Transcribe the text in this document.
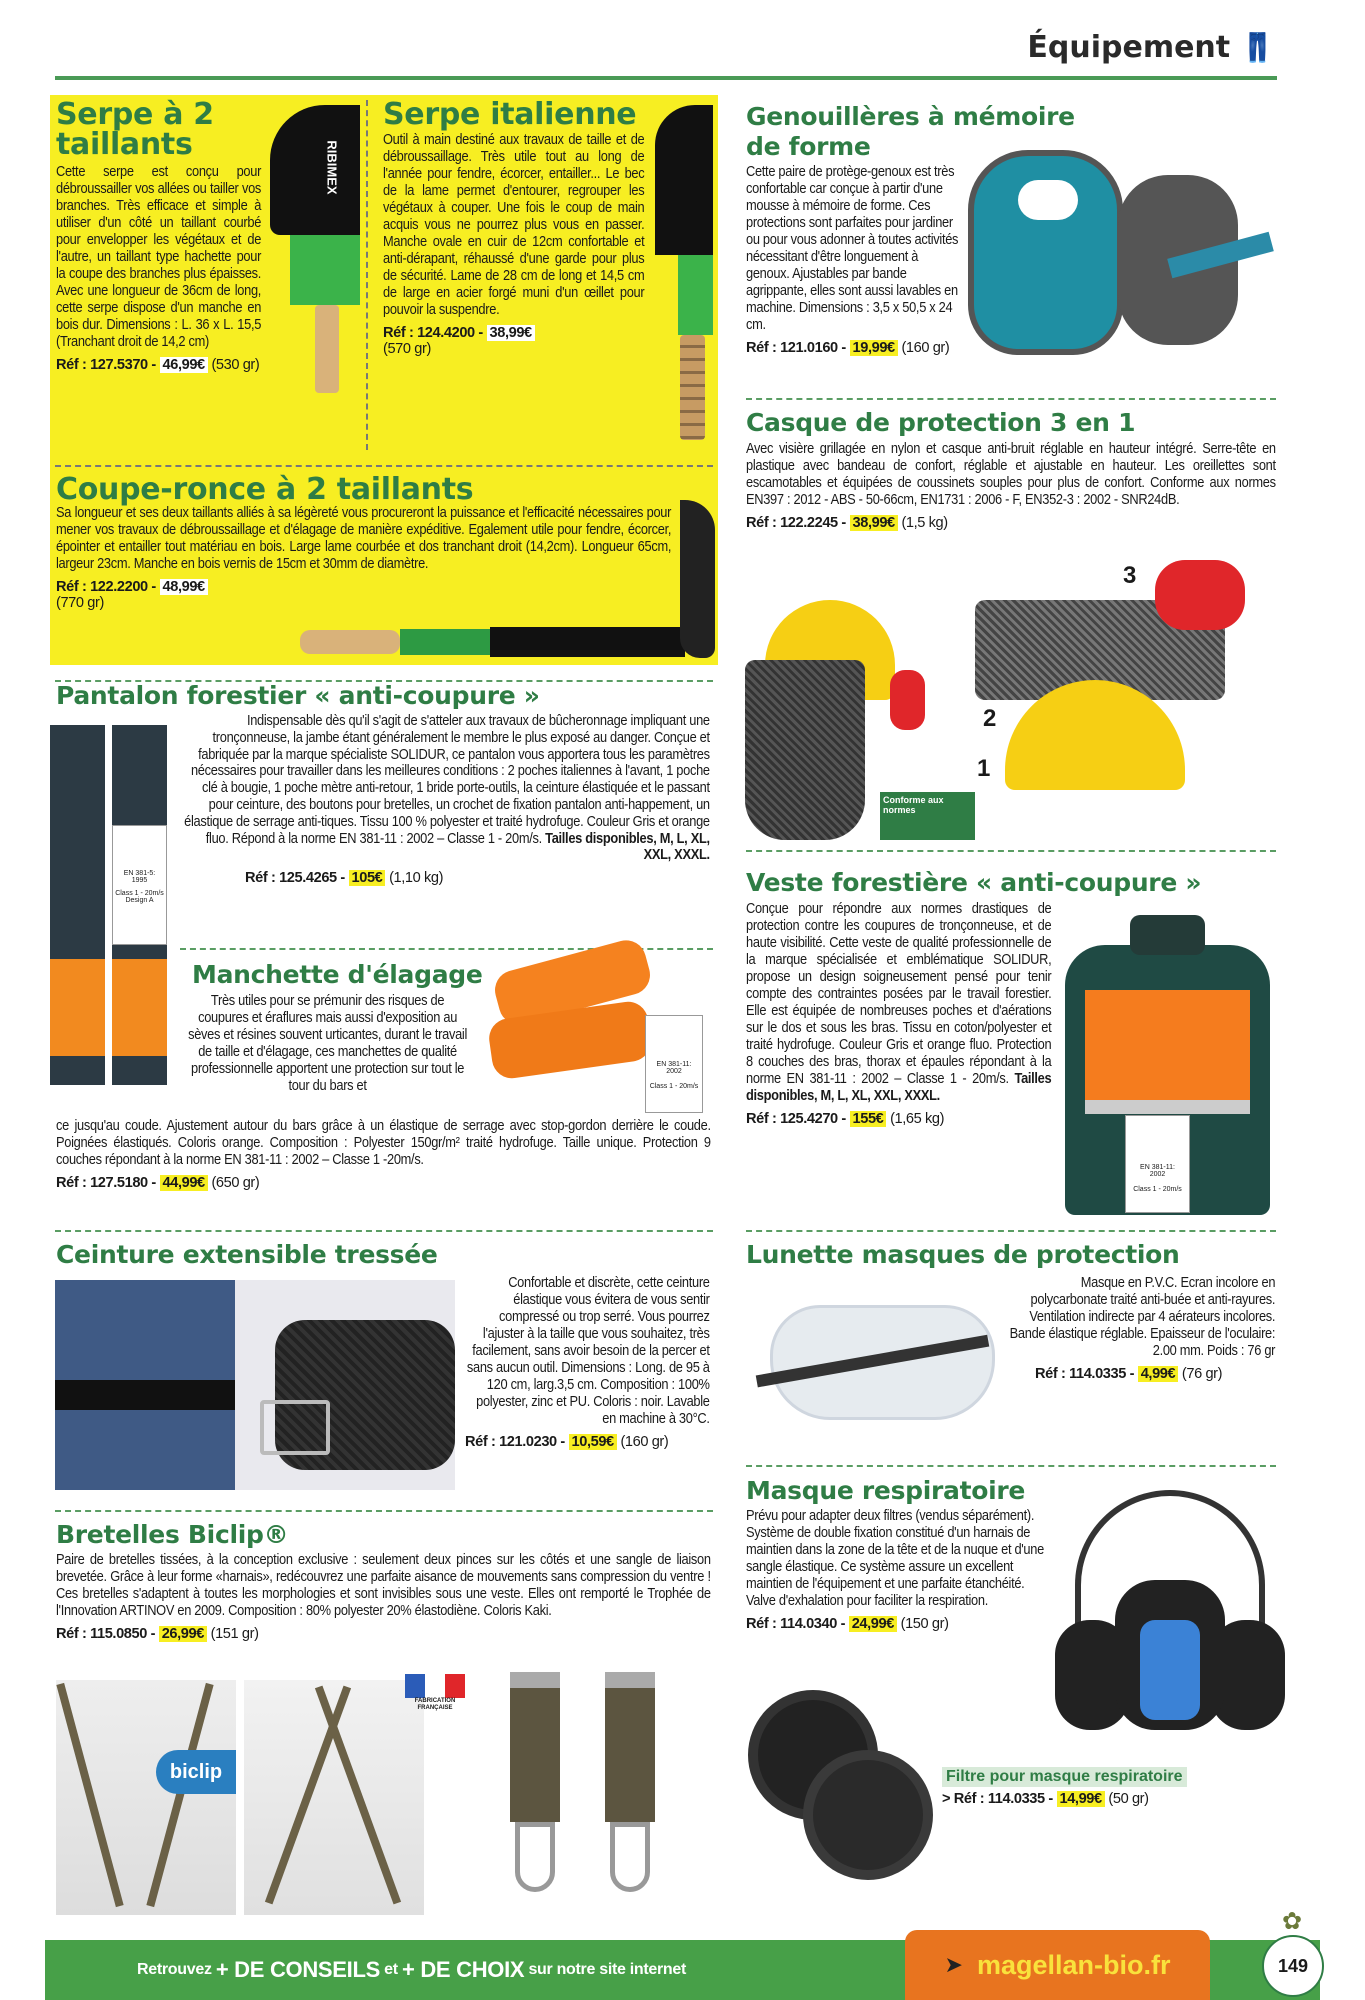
Équipement 👖
Serpe à 2
taillants
Cette serpe est conçu pour débroussailler vos allées ou tailler vos branches. Très efficace et simple à utiliser d'un côté un taillant courbé pour envelopper les végétaux et de l'autre, un taillant type hachette pour la coupe des branches plus épaisses. Avec une longueur de 36cm de long, cette serpe dispose d'un manche en bois dur. Dimensions : L. 36 x L. 15,5 (Tranchant droit de 14,2 cm)
Réf : 127.5370 - 46,99€ (530 gr)
RIBIMEX
Serpe italienne
Outil à main destiné aux travaux de taille et de débroussaillage. Très utile tout au long de l'année pour fendre, écorcer, entailler... Le bec de la lame permet d'entourer, regrouper les végétaux à couper. Une fois le coup de main acquis vous ne pourrez plus vous en passer. Manche ovale en cuir de 12cm confortable et anti-dérapant, réhaussé d'une garde pour plus de sécurité. Lame de 28 cm de long et 14,5 cm de large en acier forgé muni d'un œillet pour pouvoir la suspendre.
Réf : 124.4200 - 38,99€
(570 gr)
Coupe-ronce à 2 taillants
Sa longueur et ses deux taillants alliés à sa légèreté vous procureront la puissance et l'efficacité nécessaires pour mener vos travaux de débroussaillage et d'élagage de manière expéditive. Egalement utile pour fendre, écorcer, épointer et entailler tout matériau en bois. Large lame courbée et dos tranchant droit (14,2cm). Longueur 65cm, largeur 23cm. Manche en bois vernis de 15cm et 30mm de diamètre.
Réf : 122.2200 - 48,99€
(770 gr)
Pantalon forestier « anti-coupure »
EN 381-5:
1995
Class 1 - 20m/s
Design A
Indispensable dès qu'il s'agit de s'atteler aux travaux de bûcheronnage impliquant une tronçonneuse, la jambe étant généralement le membre le plus exposé au danger. Conçue et fabriquée par la marque spécialiste SOLIDUR, ce pantalon vous apportera tous les paramètres nécessaires pour travailler dans les meilleures conditions : 2 poches italiennes à l'avant, 1 poche clé à bougie, 1 poche mètre anti-retour, 1 bride porte-outils, la ceinture élastiquée et le passant pour ceinture, des boutons pour bretelles, un crochet de fixation pantalon anti-happement, un élastique de serrage anti-tiques. Tissu 100 % polyester et traité hydrofuge. Couleur Gris et orange fluo. Répond à la norme EN 381-11 : 2002 – Classe 1 - 20m/s. Tailles disponibles, M, L, XL, XXL, XXXL.
Réf : 125.4265 - 105€ (1,10 kg)
Manchette d'élagage
Très utiles pour se prémunir des risques de coupures et éraflures mais aussi d'exposition au sèves et résines souvent urticantes, durant le travail de taille et d'élagage, ces manchettes de qualité professionnelle apportent une protection sur tout le tour du bars et
EN 381-11:
2002
Class 1 - 20m/s
ce jusqu'au coude. Ajustement autour du bars grâce à un élastique de serrage avec stop-gordon derrière le coude. Poignées élastiqués. Coloris orange. Composition : Polyester 150gr/m² traité hydrofuge. Taille unique. Protection 9 couches répondant à la norme EN 381-11 : 2002 – Classe 1 -20m/s.
Réf : 127.5180 - 44,99€ (650 gr)
Ceinture extensible tressée
Confortable et discrète, cette ceinture élastique vous évitera de vous sentir compressé ou trop serré. Vous pourrez l'ajuster à la taille que vous souhaitez, très facilement, sans avoir besoin de la percer et sans aucun outil. Dimensions : Long. de 95 à 120 cm, larg.3,5 cm. Composition : 100% polyester, zinc et PU. Coloris : noir. Lavable en machine à 30°C.
Réf : 121.0230 - 10,59€ (160 gr)
Bretelles Biclip®
Paire de bretelles tissées, à la conception exclusive : seulement deux pinces sur les côtés et une sangle de liaison brevetée. Grâce à leur forme «harnais», redécouvrez une parfaite aisance de mouvements sans compression du ventre ! Ces bretelles s'adaptent à toutes les morphologies et sont invisibles sous une veste. Elles ont remporté le Trophée de l'Innovation ARTINOV en 2009. Composition : 80% polyester 20% élastodiène. Coloris Kaki.
Réf : 115.0850 - 26,99€ (151 gr)
biclip
FABRICATION FRANÇAISE
Genouillères à mémoire
de forme
Cette paire de protège-genoux est très confortable car conçue à partir d'une mousse à mémoire de forme. Ces protections sont parfaites pour jardiner ou pour vous adonner à toutes activités nécessitant d'être longuement à genoux. Ajustables par bande agrippante, elles sont aussi lavables en machine. Dimensions : 3,5 x 50,5 x 24 cm.
Réf : 121.0160 - 19,99€ (160 gr)
Casque de protection 3 en 1
Avec visière grillagée en nylon et casque anti-bruit réglable en hauteur intégré. Serre-tête en plastique avec bandeau de confort, réglable et ajustable en hauteur. Les oreillettes sont escamotables et équipées de coussinets souples pour plus de confort. Conforme aux normes EN397 : 2012 - ABS - 50-66cm, EN1731 : 2006 - F, EN352-3 : 2002 - SNR24dB.
Réf : 122.2245 - 38,99€ (1,5 kg)
3
2
1
Conforme aux normes
Veste forestière « anti-coupure »
Conçue pour répondre aux normes drastiques de protection contre les coupures de tronçonneuse, et de haute visibilité. Cette veste de qualité professionnelle de la marque spécialisée et emblématique SOLIDUR, propose un design soigneusement pensé pour tenir compte des contraintes posées par le travail forestier. Elle est équipée de nombreuses poches et d'aérations sur le dos et sous les bras. Tissu en coton/polyester et traité hydrofuge. Couleur Gris et orange fluo. Protection 8 couches des bras, thorax et épaules répondant à la norme EN 381-11 : 2002 – Classe 1 - 20m/s. Tailles disponibles, M, L, XL, XXL, XXXL.
Réf : 125.4270 - 155€ (1,65 kg)
EN 381-11:
2002
Class 1 - 20m/s
Lunette masques de protection
Masque en P.V.C. Ecran incolore en polycarbonate traité anti-buée et anti-rayures. Ventilation indirecte par 4 aérateurs incolores. Bande élastique réglable. Epaisseur de l'oculaire: 2.00 mm. Poids : 76 gr
Réf : 114.0335 - 4,99€ (76 gr)
Masque respiratoire
Prévu pour adapter deux filtres (vendus séparément). Système de double fixation constitué d'un harnais de maintien dans la zone de la tête et de la nuque et d'une sangle élastique. Ce système assure un excellent maintien de l'équipement et une parfaite étanchéité. Valve d'exhalation pour faciliter la respiration.
Réf : 114.0340 - 24,99€ (150 gr)
Filtre pour masque respiratoire
> Réf : 114.0335 - 14,99€ (50 gr)
Retrouvez
+ DE CONSEILS
et
+ DE CHOIX
sur notre site internet	➤ magellan-bio.fr	149
✿
